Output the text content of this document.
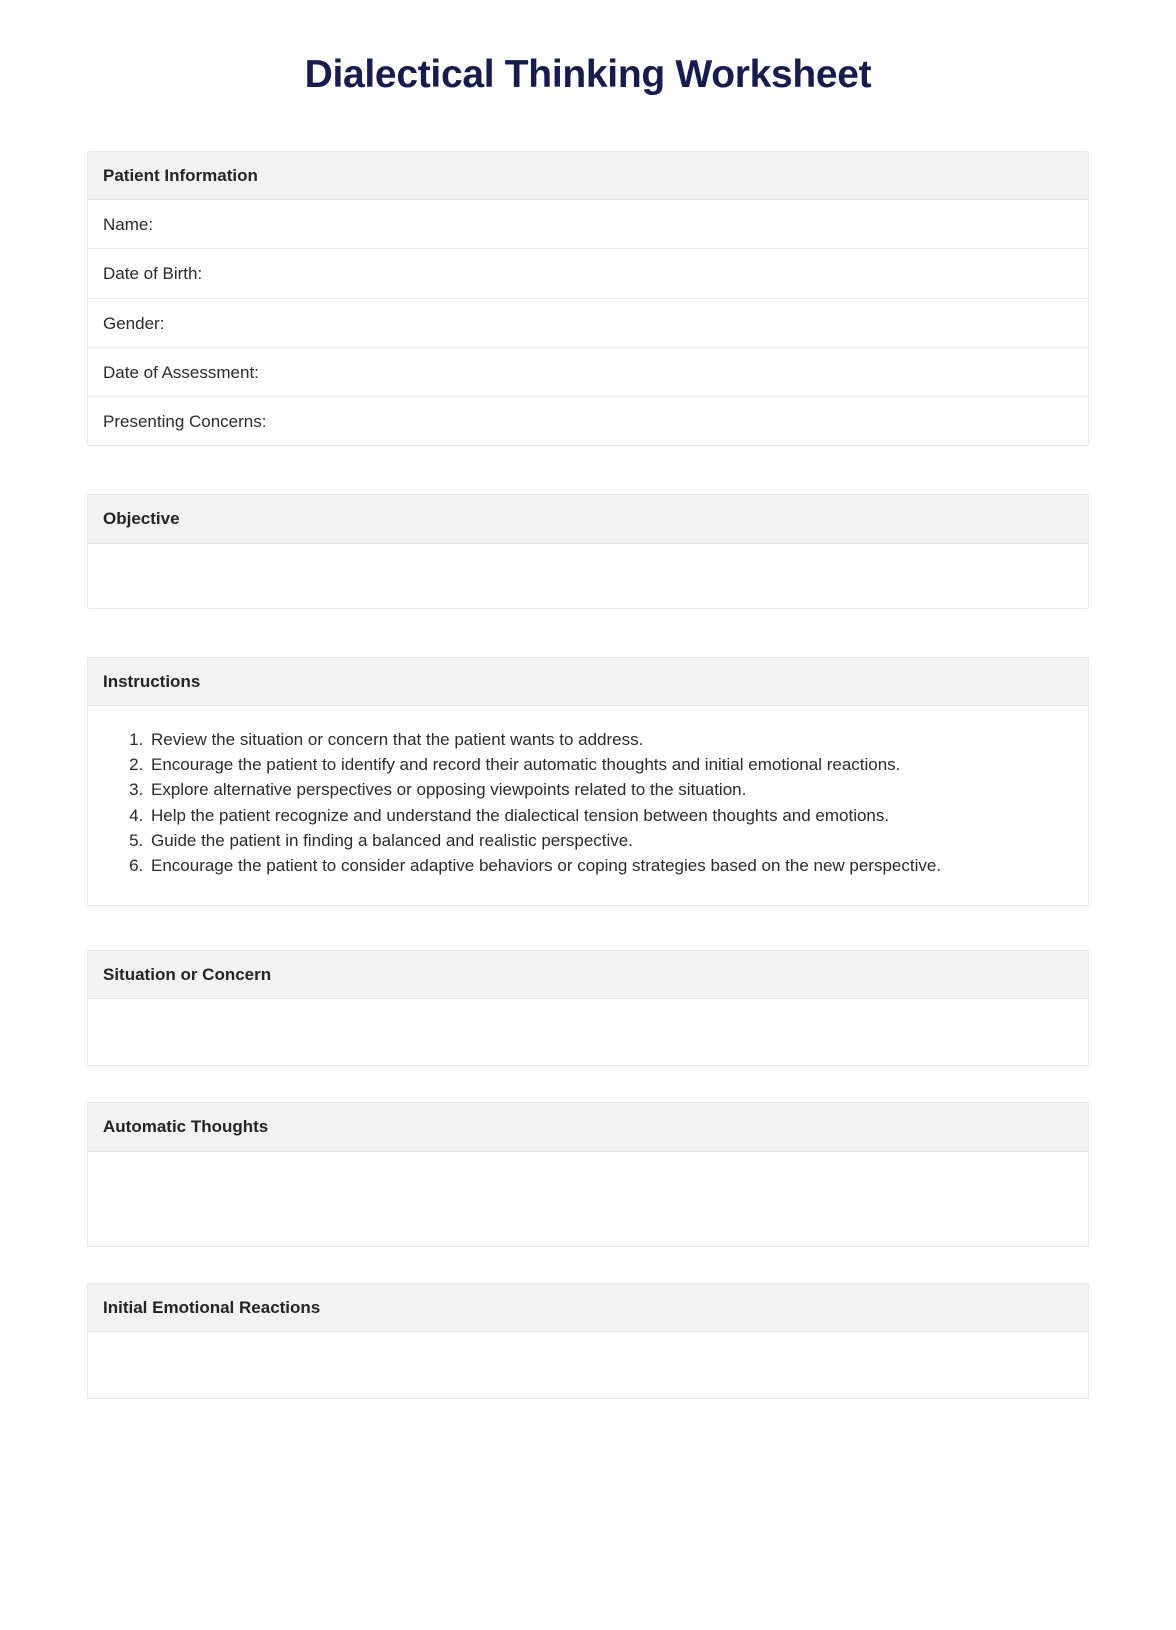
Dialectical Thinking Worksheet
Patient Information
Name:
Date of Birth:
Gender:
Date of Assessment:
Presenting Concerns:
Objective
Instructions
1. Review the situation or concern that the patient wants to address.
2. Encourage the patient to identify and record their automatic thoughts and initial emotional reactions.
3. Explore alternative perspectives or opposing viewpoints related to the situation.
4. Help the patient recognize and understand the dialectical tension between thoughts and emotions.
5. Guide the patient in finding a balanced and realistic perspective.
6. Encourage the patient to consider adaptive behaviors or coping strategies based on the new perspective.
Situation or Concern
Automatic Thoughts
Initial Emotional Reactions
